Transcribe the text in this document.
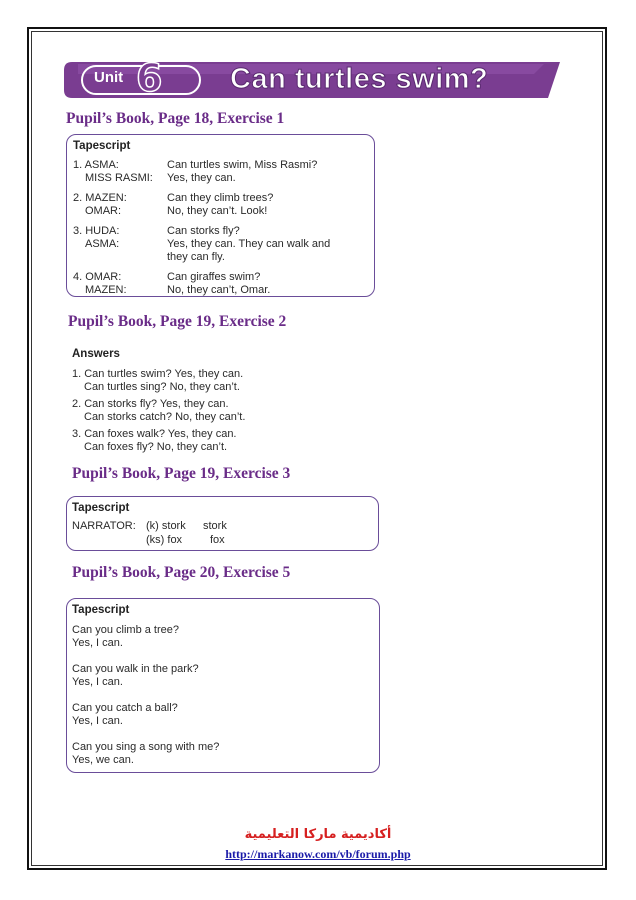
Unit 6 Can turtles swim?
Pupil’s Book, Page 18, Exercise 1
Tapescript
1. ASMA:	Can turtles swim, Miss Rasmi?
MISS RASMI: Yes, they can.
2. MAZEN:	Can they climb trees?
OMAR:	No, they can’t. Look!
3. HUDA:	Can storks fly?
ASMA:	Yes, they can. They can walk and
they can fly.
4. OMAR:	Can giraffes swim?
MAZEN:	No, they can’t, Omar.
Pupil’s Book, Page 19, Exercise 2
Answers
1. Can turtles swim? Yes, they can.
Can turtles sing? No, they can’t.
2. Can storks fly? Yes, they can.
Can storks catch? No, they can’t.
3. Can foxes walk? Yes, they can.
Can foxes fly? No, they can’t.
Pupil’s Book, Page 19, Exercise 3
Tapescript
NARRATOR: (k) stork stork
(ks) fox	fox
Pupil’s Book, Page 20, Exercise 5
Tapescript
Can you climb a tree?
Yes, I can.
Can you walk in the park?
Yes, I can.
Can you catch a ball?
Yes, I can.
Can you sing a song with me?
Yes, we can.
أكاديمية ماركا التعليمية
http://markanow.com/vb/forum.php
